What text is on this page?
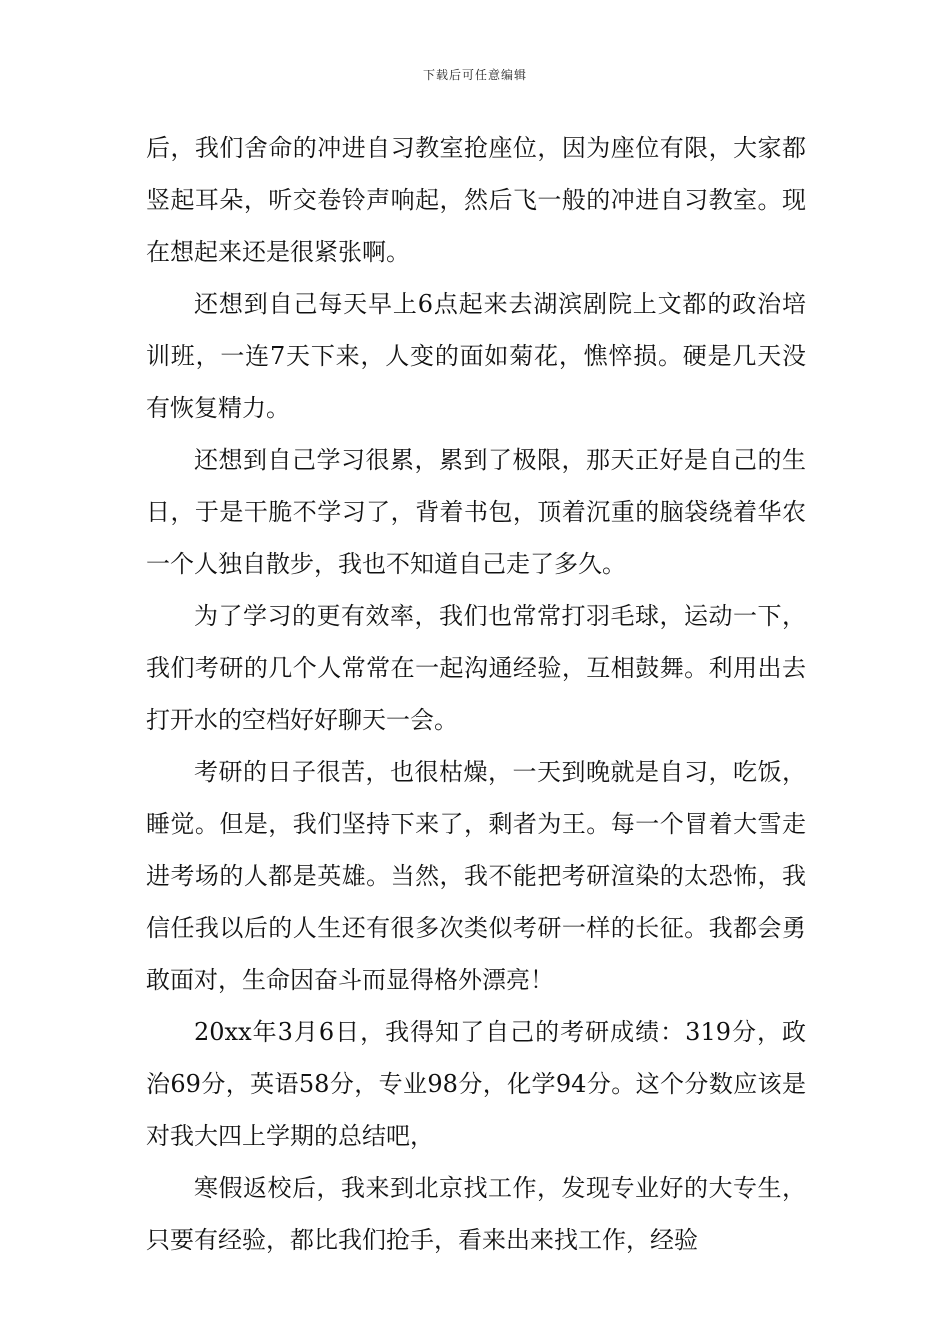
下载后可任意编辑

后，我们舍命的冲进自习教室抢座位，因为座位有限，大家都竖起耳朵，听交卷铃声响起，然后飞一般的冲进自习教室。现在想起来还是很紧张啊。

还想到自己每天早上6点起来去湖滨剧院上文都的政治培训班，一连7天下来，人变的面如菊花，憔悴损。硬是几天没有恢复精力。

还想到自己学习很累，累到了极限，那天正好是自己的生日，于是干脆不学习了，背着书包，顶着沉重的脑袋绕着华农一个人独自散步，我也不知道自己走了多久。

为了学习的更有效率，我们也常常打羽毛球，运动一下，我们考研的几个人常常在一起沟通经验，互相鼓舞。利用出去打开水的空档好好聊天一会。

考研的日子很苦，也很枯燥，一天到晚就是自习，吃饭，睡觉。但是，我们坚持下来了，剩者为王。每一个冒着大雪走进考场的人都是英雄。当然，我不能把考研渲染的太恐怖，我信任我以后的人生还有很多次类似考研一样的长征。我都会勇敢面对，生命因奋斗而显得格外漂亮！

20xx年3月6日，我得知了自己的考研成绩：319分，政治69分，英语58分，专业98分，化学94分。这个分数应该是对我大四上学期的总结吧，

寒假返校后，我来到北京找工作，发现专业好的大专生，只要有经验，都比我们抢手，看来出来找工作，经验
